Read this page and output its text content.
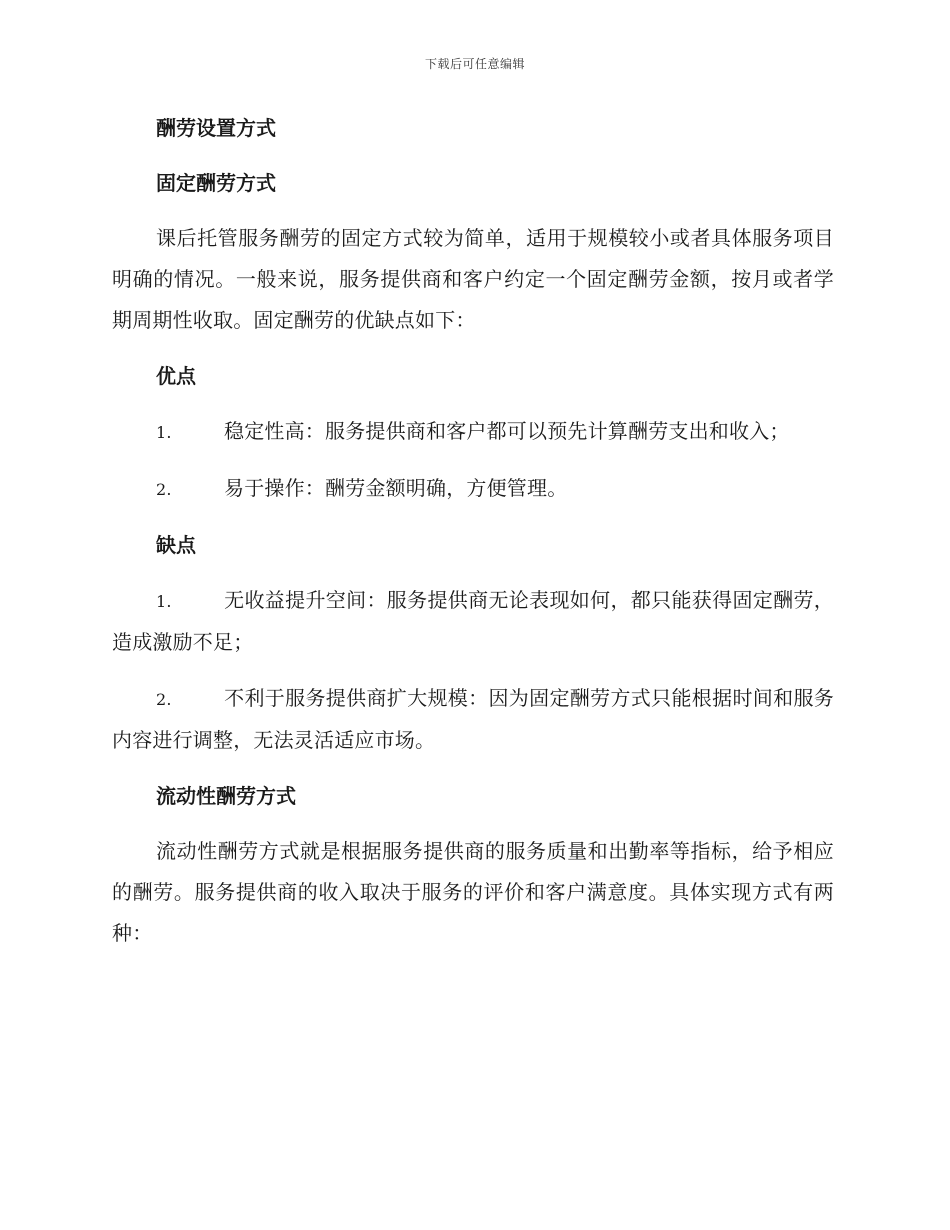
下载后可任意编辑
酬劳设置方式
固定酬劳方式
课后托管服务酬劳的固定方式较为简单，适用于规模较小或者具体服务项目明确的情况。一般来说，服务提供商和客户约定一个固定酬劳金额，按月或者学期周期性收取。固定酬劳的优缺点如下：
优点
1.	稳定性高：服务提供商和客户都可以预先计算酬劳支出和收入；
2.	易于操作：酬劳金额明确，方便管理。
缺点
1.	无收益提升空间：服务提供商无论表现如何，都只能获得固定酬劳，造成激励不足；
2.	不利于服务提供商扩大规模：因为固定酬劳方式只能根据时间和服务内容进行调整，无法灵活适应市场。
流动性酬劳方式
流动性酬劳方式就是根据服务提供商的服务质量和出勤率等指标，给予相应的酬劳。服务提供商的收入取决于服务的评价和客户满意度。具体实现方式有两种：
